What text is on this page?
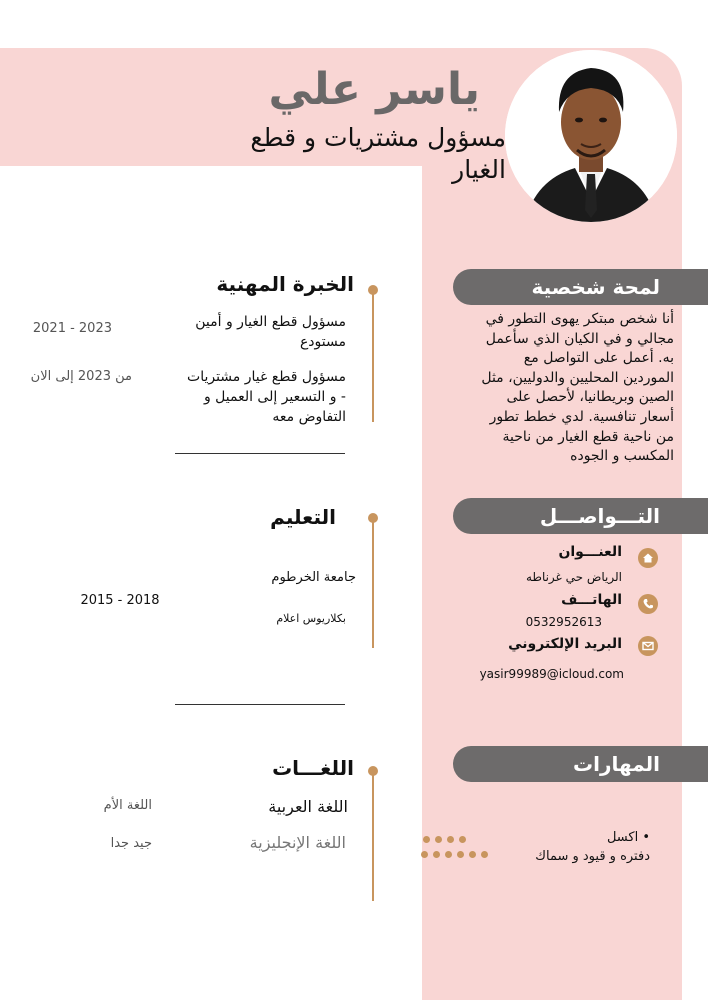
ياسر علي
مسؤول مشتريات و قطع الغيار
لمحة شخصية
أنا شخص مبتكر يهوى التطور في مجالي و في الكيان الذي سأعمل به. أعمل على التواصل مع الموردين المحليين والدوليين، مثل الصين وبريطانيا، لأحصل على أسعار تنافسية. لدي خطط تطور من ناحية قطع الغيار من ناحية المكسب و الجوده
التـــواصـــل
العنـــوان
الرياض حي غرناطه
الهاتـــف
0532952613
البريد الإلكتروني
yasir99989@icloud.com
المهارات
• اكسل
دفتره و قيود و سماك
الخبرة المهنية
مسؤول قطع الغيار و أمين مستودع
2021 - 2023
مسؤول قطع غيار مشتريات - و التسعير إلى العميل و التفاوض معه
من 2023 إلى الان
التعليم
جامعة الخرطوم
بكلاريوس اعلام
2015 - 2018
اللغـــات
اللغة العربية
اللغة الأم
اللغة الإنجليزية
جيد جدا
